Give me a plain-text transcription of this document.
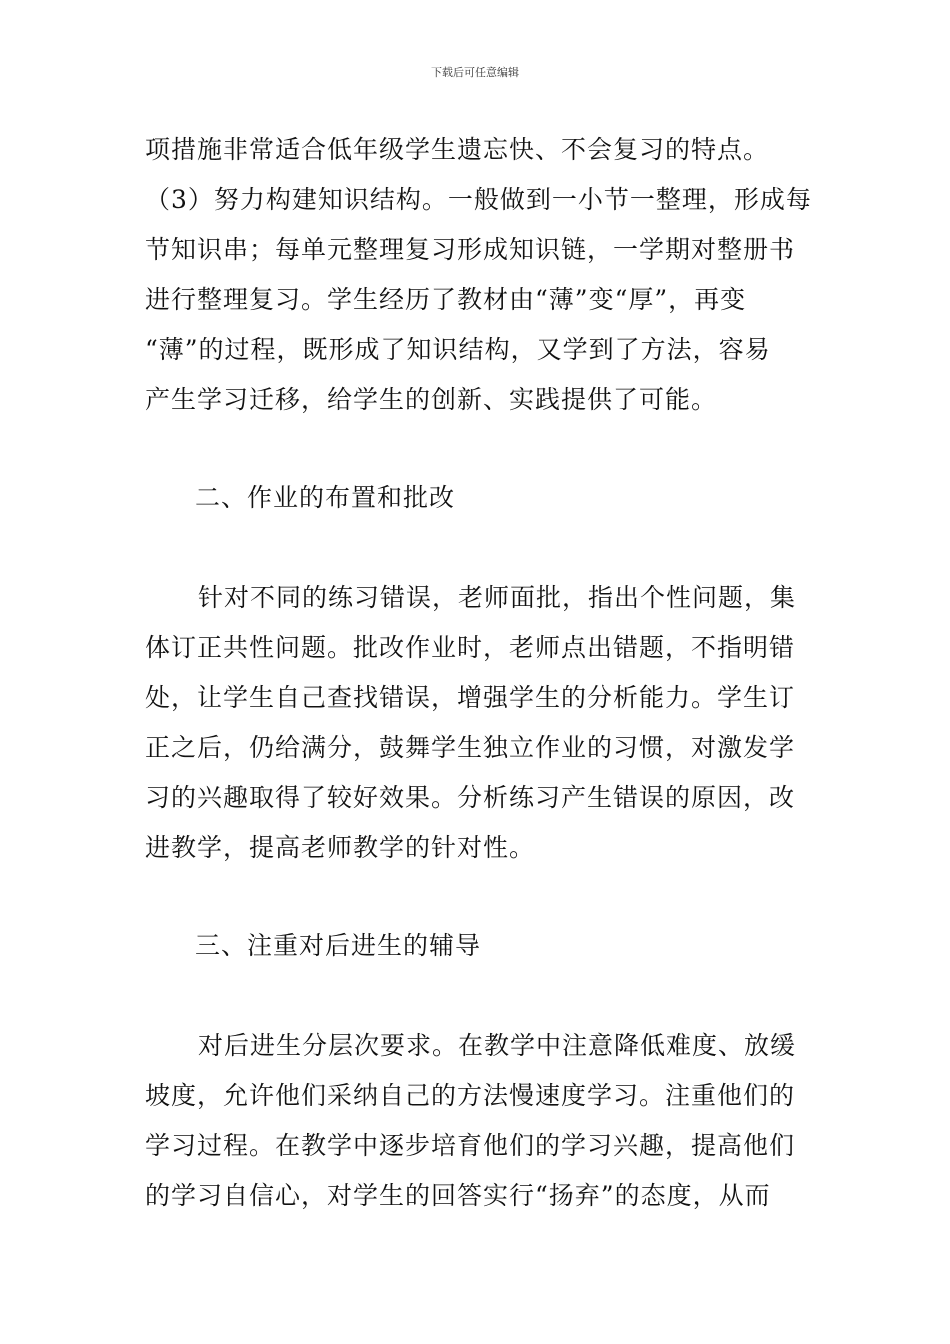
下载后可任意编辑
项措施非常适合低年级学生遗忘快、不会复习的特点。
（3）努力构建知识结构。一般做到一小节一整理，形成每
节知识串；每单元整理复习形成知识链，一学期对整册书
进行整理复习。学生经历了教材由“薄”变“厚”，再变
“薄”的过程，既形成了知识结构，又学到了方法，容易
产生学习迁移，给学生的创新、实践提供了可能。
二、作业的布置和批改
针对不同的练习错误，老师面批，指出个性问题，集
体订正共性问题。批改作业时，老师点出错题，不指明错
处，让学生自己查找错误，增强学生的分析能力。学生订
正之后，仍给满分，鼓舞学生独立作业的习惯，对激发学
习的兴趣取得了较好效果。分析练习产生错误的原因，改
进教学，提高老师教学的针对性。
三、注重对后进生的辅导
对后进生分层次要求。在教学中注意降低难度、放缓
坡度，允许他们采纳自己的方法慢速度学习。注重他们的
学习过程。在教学中逐步培育他们的学习兴趣，提高他们
的学习自信心，对学生的回答实行“扬弃”的态度，从而
